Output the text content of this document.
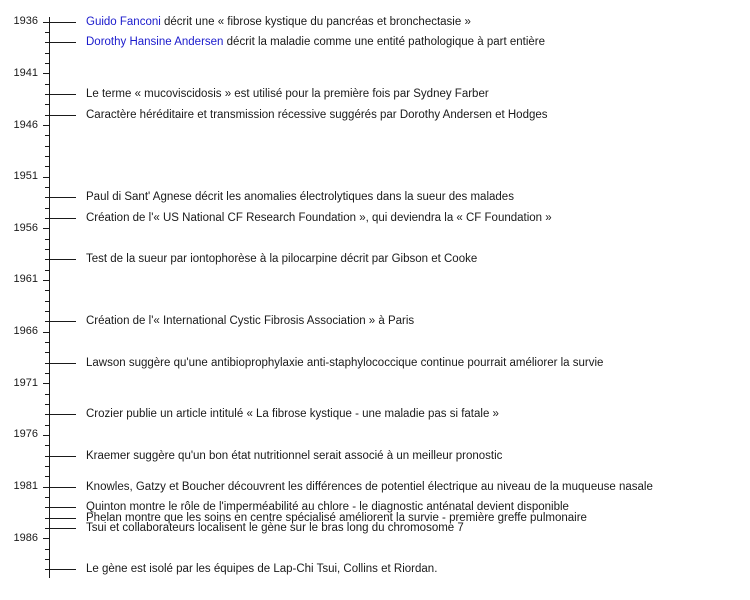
1936
1941
1946
1951
1956
1961
1966
1971
1976
1981
1986
Guido Fanconi décrit une « fibrose kystique du pancréas et bronchectasie »
Dorothy Hansine Andersen décrit la maladie comme une entité pathologique à part entière
Le terme « mucoviscidosis » est utilisé pour la première fois par Sydney Farber
Caractère héréditaire et transmission récessive suggérés par Dorothy Andersen et Hodges
Paul di Sant' Agnese décrit les anomalies électrolytiques dans la sueur des malades
Création de l'« US National CF Research Foundation », qui deviendra la « CF Foundation »
Test de la sueur par iontophorèse à la pilocarpine décrit par Gibson et Cooke
Création de l'« International Cystic Fibrosis Association » à Paris
Lawson suggère qu'une antibioprophylaxie anti-staphylococcique continue pourrait améliorer la survie
Crozier publie un article intitulé « La fibrose kystique - une maladie pas si fatale »
Kraemer suggère qu'un bon état nutritionnel serait associé à un meilleur pronostic
Knowles, Gatzy et Boucher découvrent les différences de potentiel électrique au niveau de la muqueuse nasale
Quinton montre le rôle de l'imperméabilité au chlore - le diagnostic anténatal devient disponible
Phelan montre que les soins en centre spécialisé améliorent la survie - première greffe pulmonaire
Tsui et collaborateurs localisent le gène sur le bras long du chromosome 7
Le gène est isolé par les équipes de Lap-Chi Tsui, Collins et Riordan.
